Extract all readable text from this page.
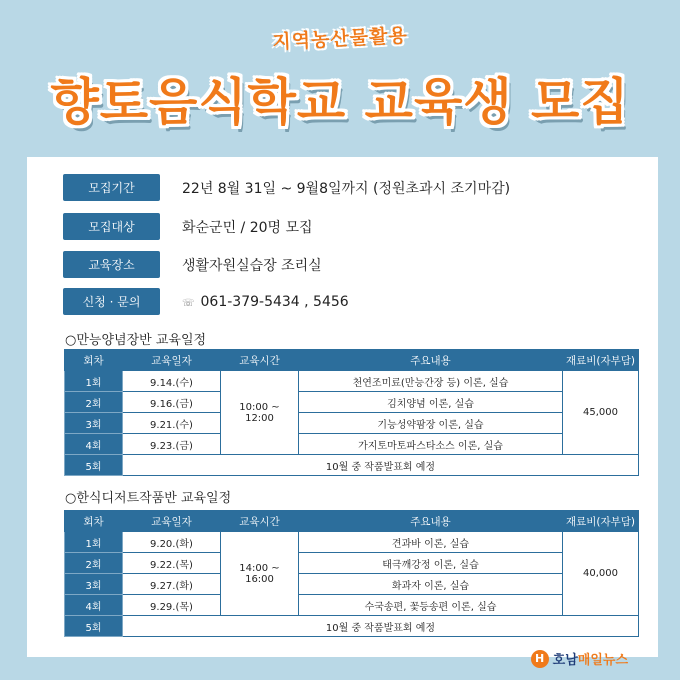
지역농산물활용
향토음식학교 교육생 모집
모집기간	22년 8월 31일 ~ 9월8일까지 (정원초과시 조기마감)
모집대상	화순군민 / 20명 모집
교육장소	생활자원실습장 조리실
신청 · 문의	☏ 061-379-5434 , 5456
○만능양념장반 교육일정
회차	교육일자	교육시간	주요내용	재료비(자부담)
1회	9.14.(수)	10:00 ~ 12:00	천연조미료(만능간장 등) 이론, 실습	45,000
2회	9.16.(금)		김치양념 이론, 실습	
3회	9.21.(수)		기능성약팜장 이론, 실습	
4회	9.23.(금)		가지토마토파스타소스 이론, 실습	
5회	10월 중 작품발표회 예정			
○한식디저트작품반 교육일정
회차	교육일자	교육시간	주요내용	재료비(자부담)
1회	9.20.(화)	14:00 ~ 16:00	견과바 이론, 실습	40,000
2회	9.22.(목)		태극깨강정 이론, 실습	
3회	9.27.(화)		화과자 이론, 실습	
4회	9.29.(목)		수국송편, 꽃등송편 이론, 실습	
5회	10월 중 작품발표회 예정			
H 호남 매일뉴스
